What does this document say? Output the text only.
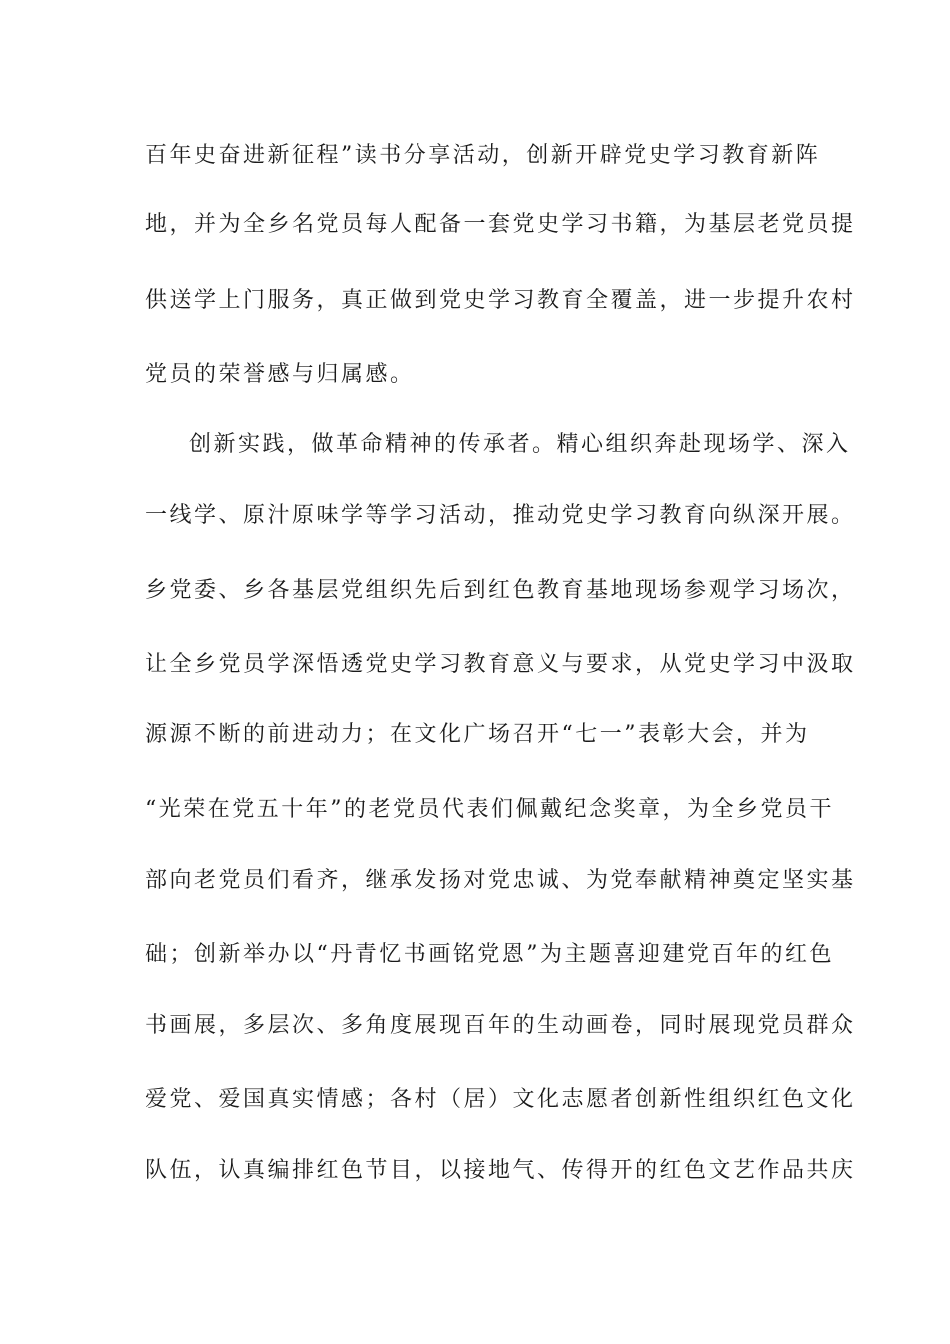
百年史奋进新征程”读书分享活动，创新开辟党史学习教育新阵
地，并为全乡名党员每人配备一套党史学习书籍，为基层老党员提
供送学上门服务，真正做到党史学习教育全覆盖，进一步提升农村
党员的荣誉感与归属感。
创新实践，做革命精神的传承者。精心组织奔赴现场学、深入
一线学、原汁原味学等学习活动，推动党史学习教育向纵深开展。
乡党委、乡各基层党组织先后到红色教育基地现场参观学习场次，
让全乡党员学深悟透党史学习教育意义与要求，从党史学习中汲取
源源不断的前进动力；在文化广场召开“七一”表彰大会，并为
“光荣在党五十年”的老党员代表们佩戴纪念奖章，为全乡党员干
部向老党员们看齐，继承发扬对党忠诚、为党奉献精神奠定坚实基
础；创新举办以“丹青忆书画铭党恩”为主题喜迎建党百年的红色
书画展，多层次、多角度展现百年的生动画卷，同时展现党员群众
爱党、爱国真实情感；各村（居）文化志愿者创新性组织红色文化
队伍，认真编排红色节目，以接地气、传得开的红色文艺作品共庆
